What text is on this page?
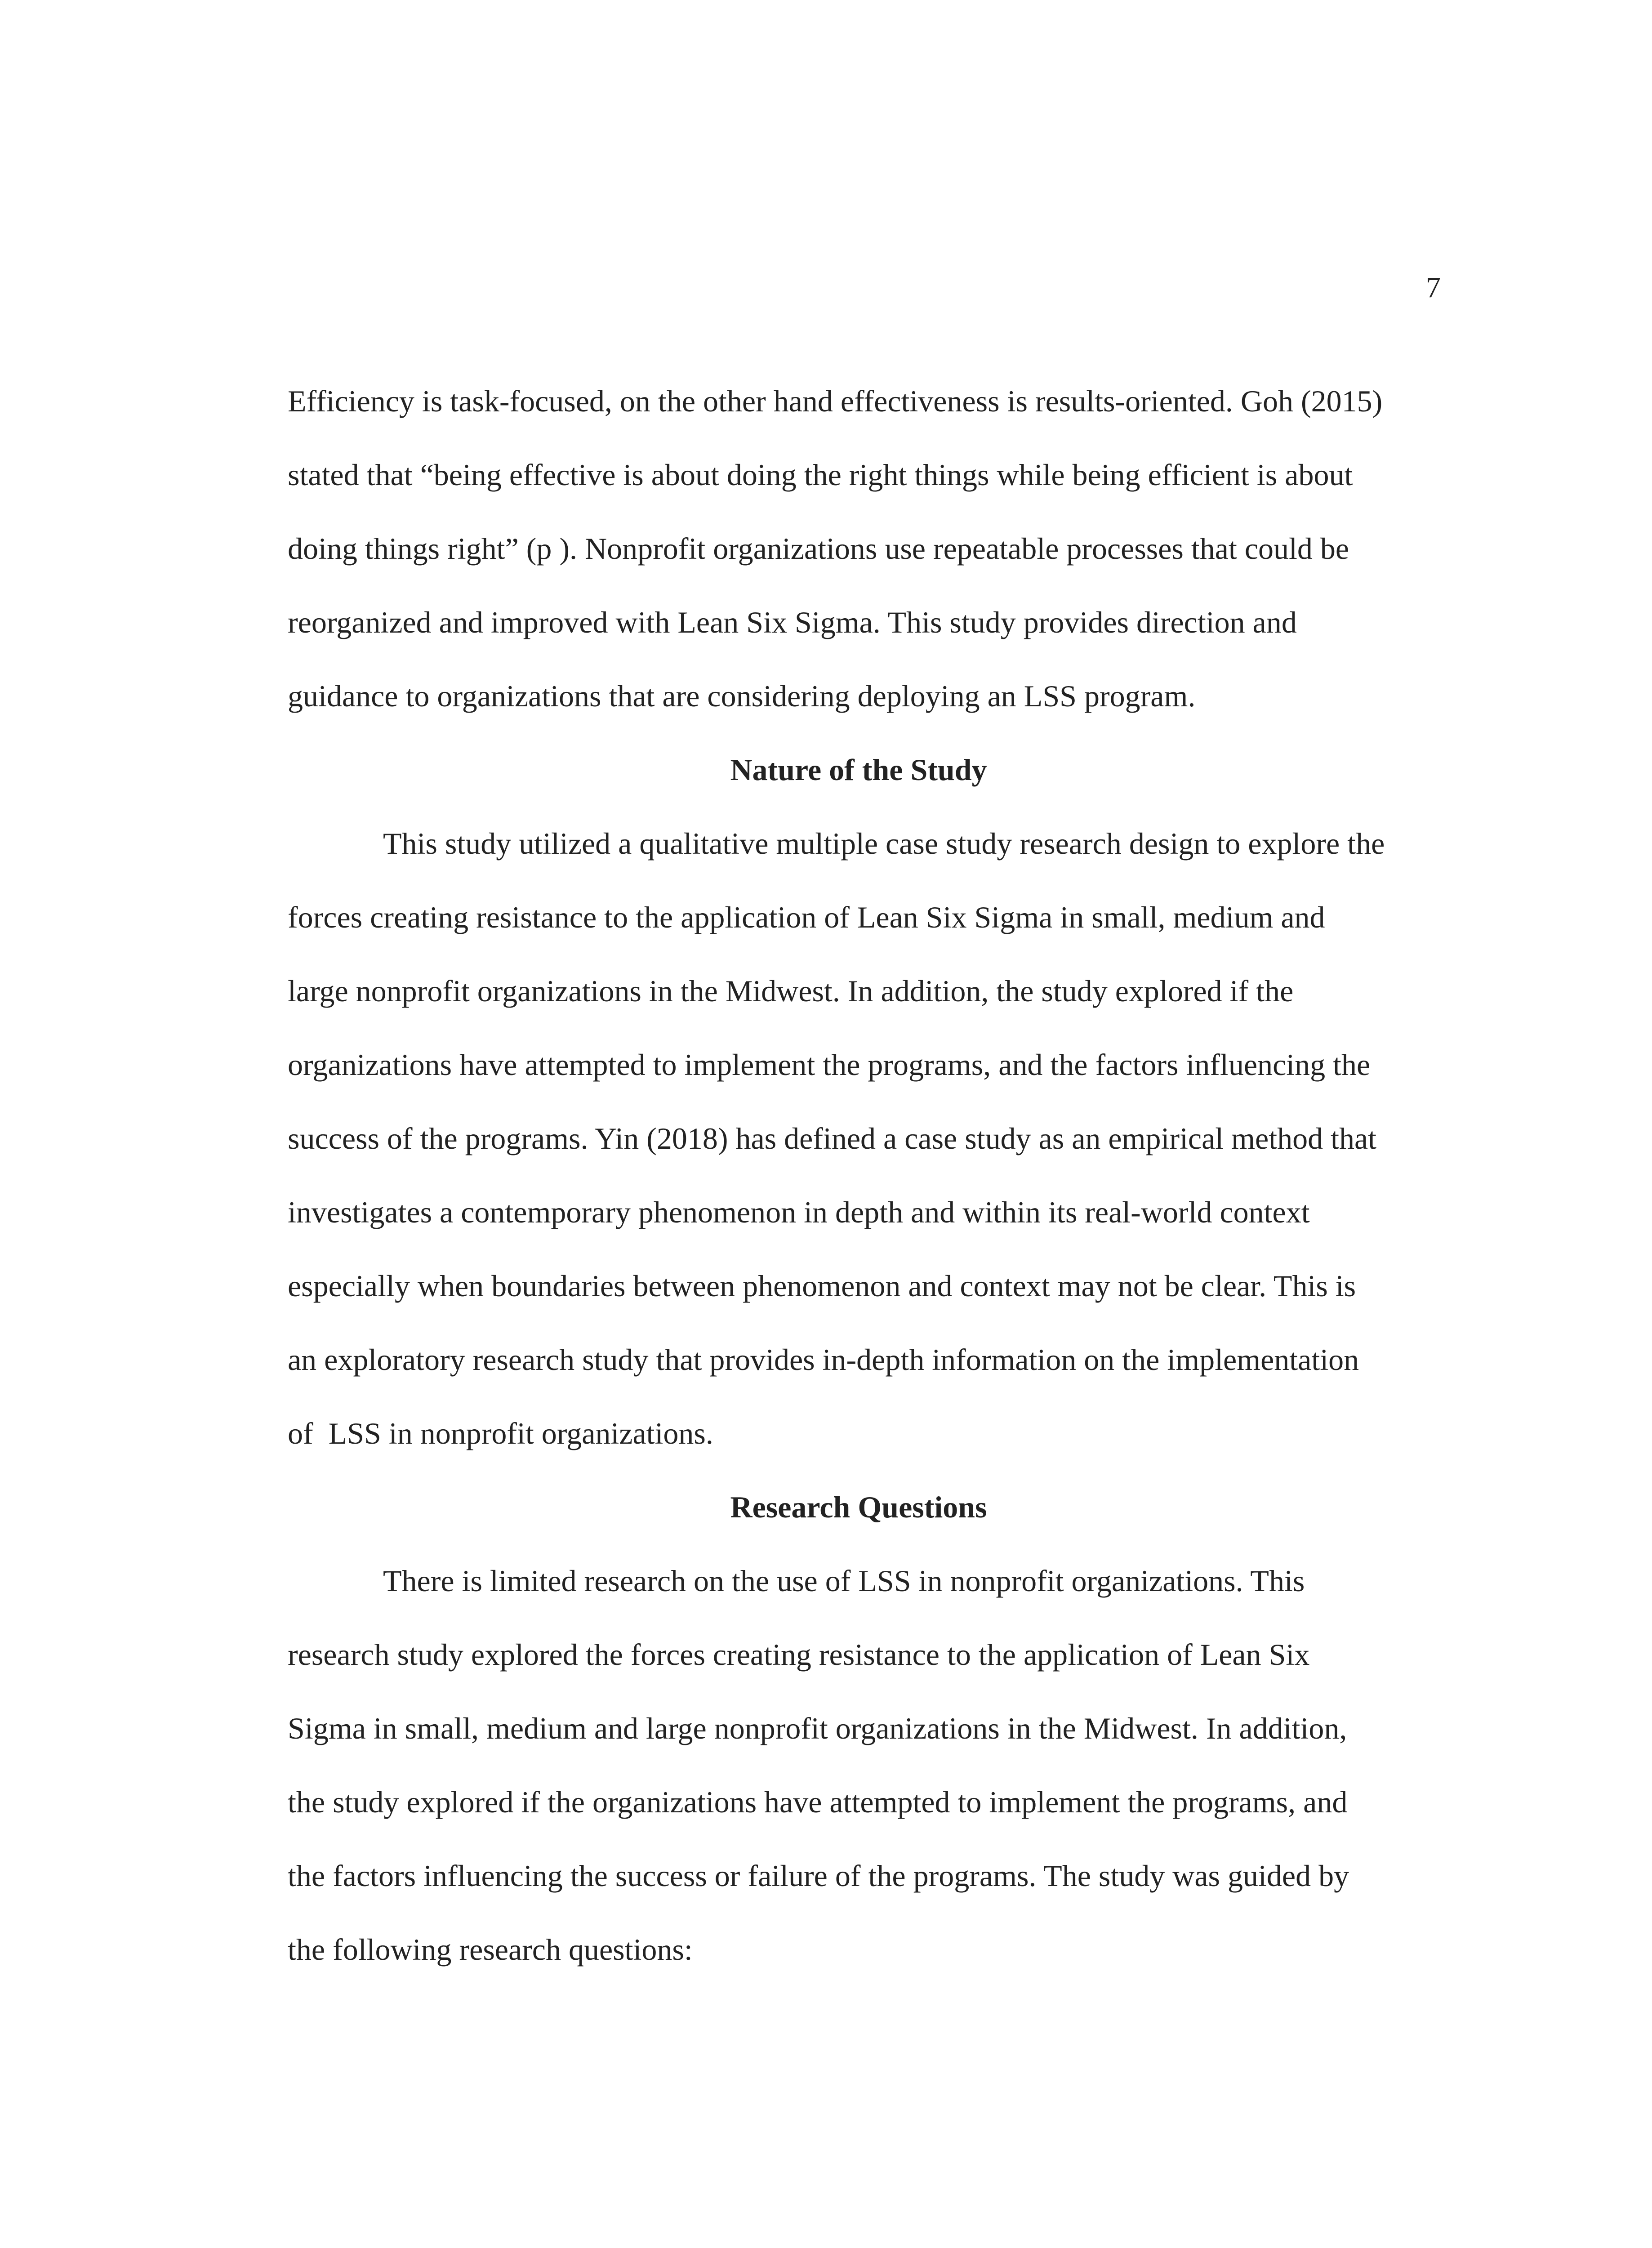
7

Efficiency is task-focused, on the other hand effectiveness is results-oriented. Goh (2015)
stated that “being effective is about doing the right things while being efficient is about
doing things right” (p ). Nonprofit organizations use repeatable processes that could be
reorganized and improved with Lean Six Sigma. This study provides direction and
guidance to organizations that are considering deploying an LSS program.
Nature of the Study
This study utilized a qualitative multiple case study research design to explore the
forces creating resistance to the application of Lean Six Sigma in small, medium and
large nonprofit organizations in the Midwest. In addition, the study explored if the
organizations have attempted to implement the programs, and the factors influencing the
success of the programs. Yin (2018) has defined a case study as an empirical method that
investigates a contemporary phenomenon in depth and within its real-world context
especially when boundaries between phenomenon and context may not be clear. This is
an exploratory research study that provides in-depth information on the implementation
of  LSS in nonprofit organizations.
Research Questions
There is limited research on the use of LSS in nonprofit organizations. This
research study explored the forces creating resistance to the application of Lean Six
Sigma in small, medium and large nonprofit organizations in the Midwest. In addition,
the study explored if the organizations have attempted to implement the programs, and
the factors influencing the success or failure of the programs. The study was guided by
the following research questions:
